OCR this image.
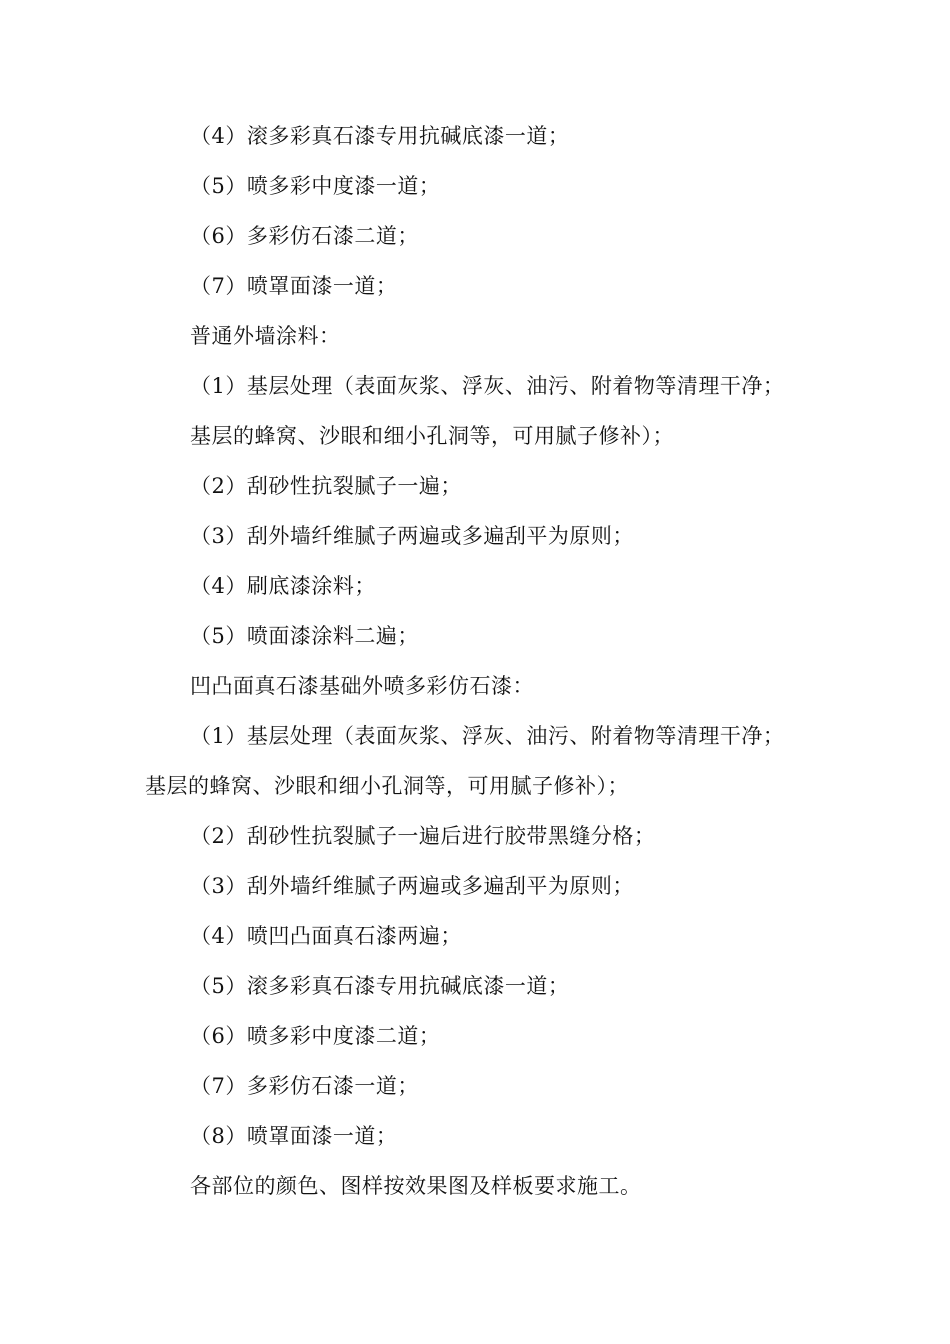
（4）滚多彩真石漆专用抗碱底漆一道；
（5）喷多彩中度漆一道；
（6）多彩仿石漆二道；
（7）喷罩面漆一道；
普通外墙涂料：
（1）基层处理（表面灰浆、浮灰、油污、附着物等清理干净；
基层的蜂窝、沙眼和细小孔洞等，可用腻子修补）；
（2）刮砂性抗裂腻子一遍；
（3）刮外墙纤维腻子两遍或多遍刮平为原则；
（4）刷底漆涂料；
（5）喷面漆涂料二遍；
凹凸面真石漆基础外喷多彩仿石漆：
（1）基层处理（表面灰浆、浮灰、油污、附着物等清理干净；
基层的蜂窝、沙眼和细小孔洞等，可用腻子修补）；
（2）刮砂性抗裂腻子一遍后进行胶带黑缝分格；
（3）刮外墙纤维腻子两遍或多遍刮平为原则；
（4）喷凹凸面真石漆两遍；
（5）滚多彩真石漆专用抗碱底漆一道；
（6）喷多彩中度漆二道；
（7）多彩仿石漆一道；
（8）喷罩面漆一道；
各部位的颜色、图样按效果图及样板要求施工。
